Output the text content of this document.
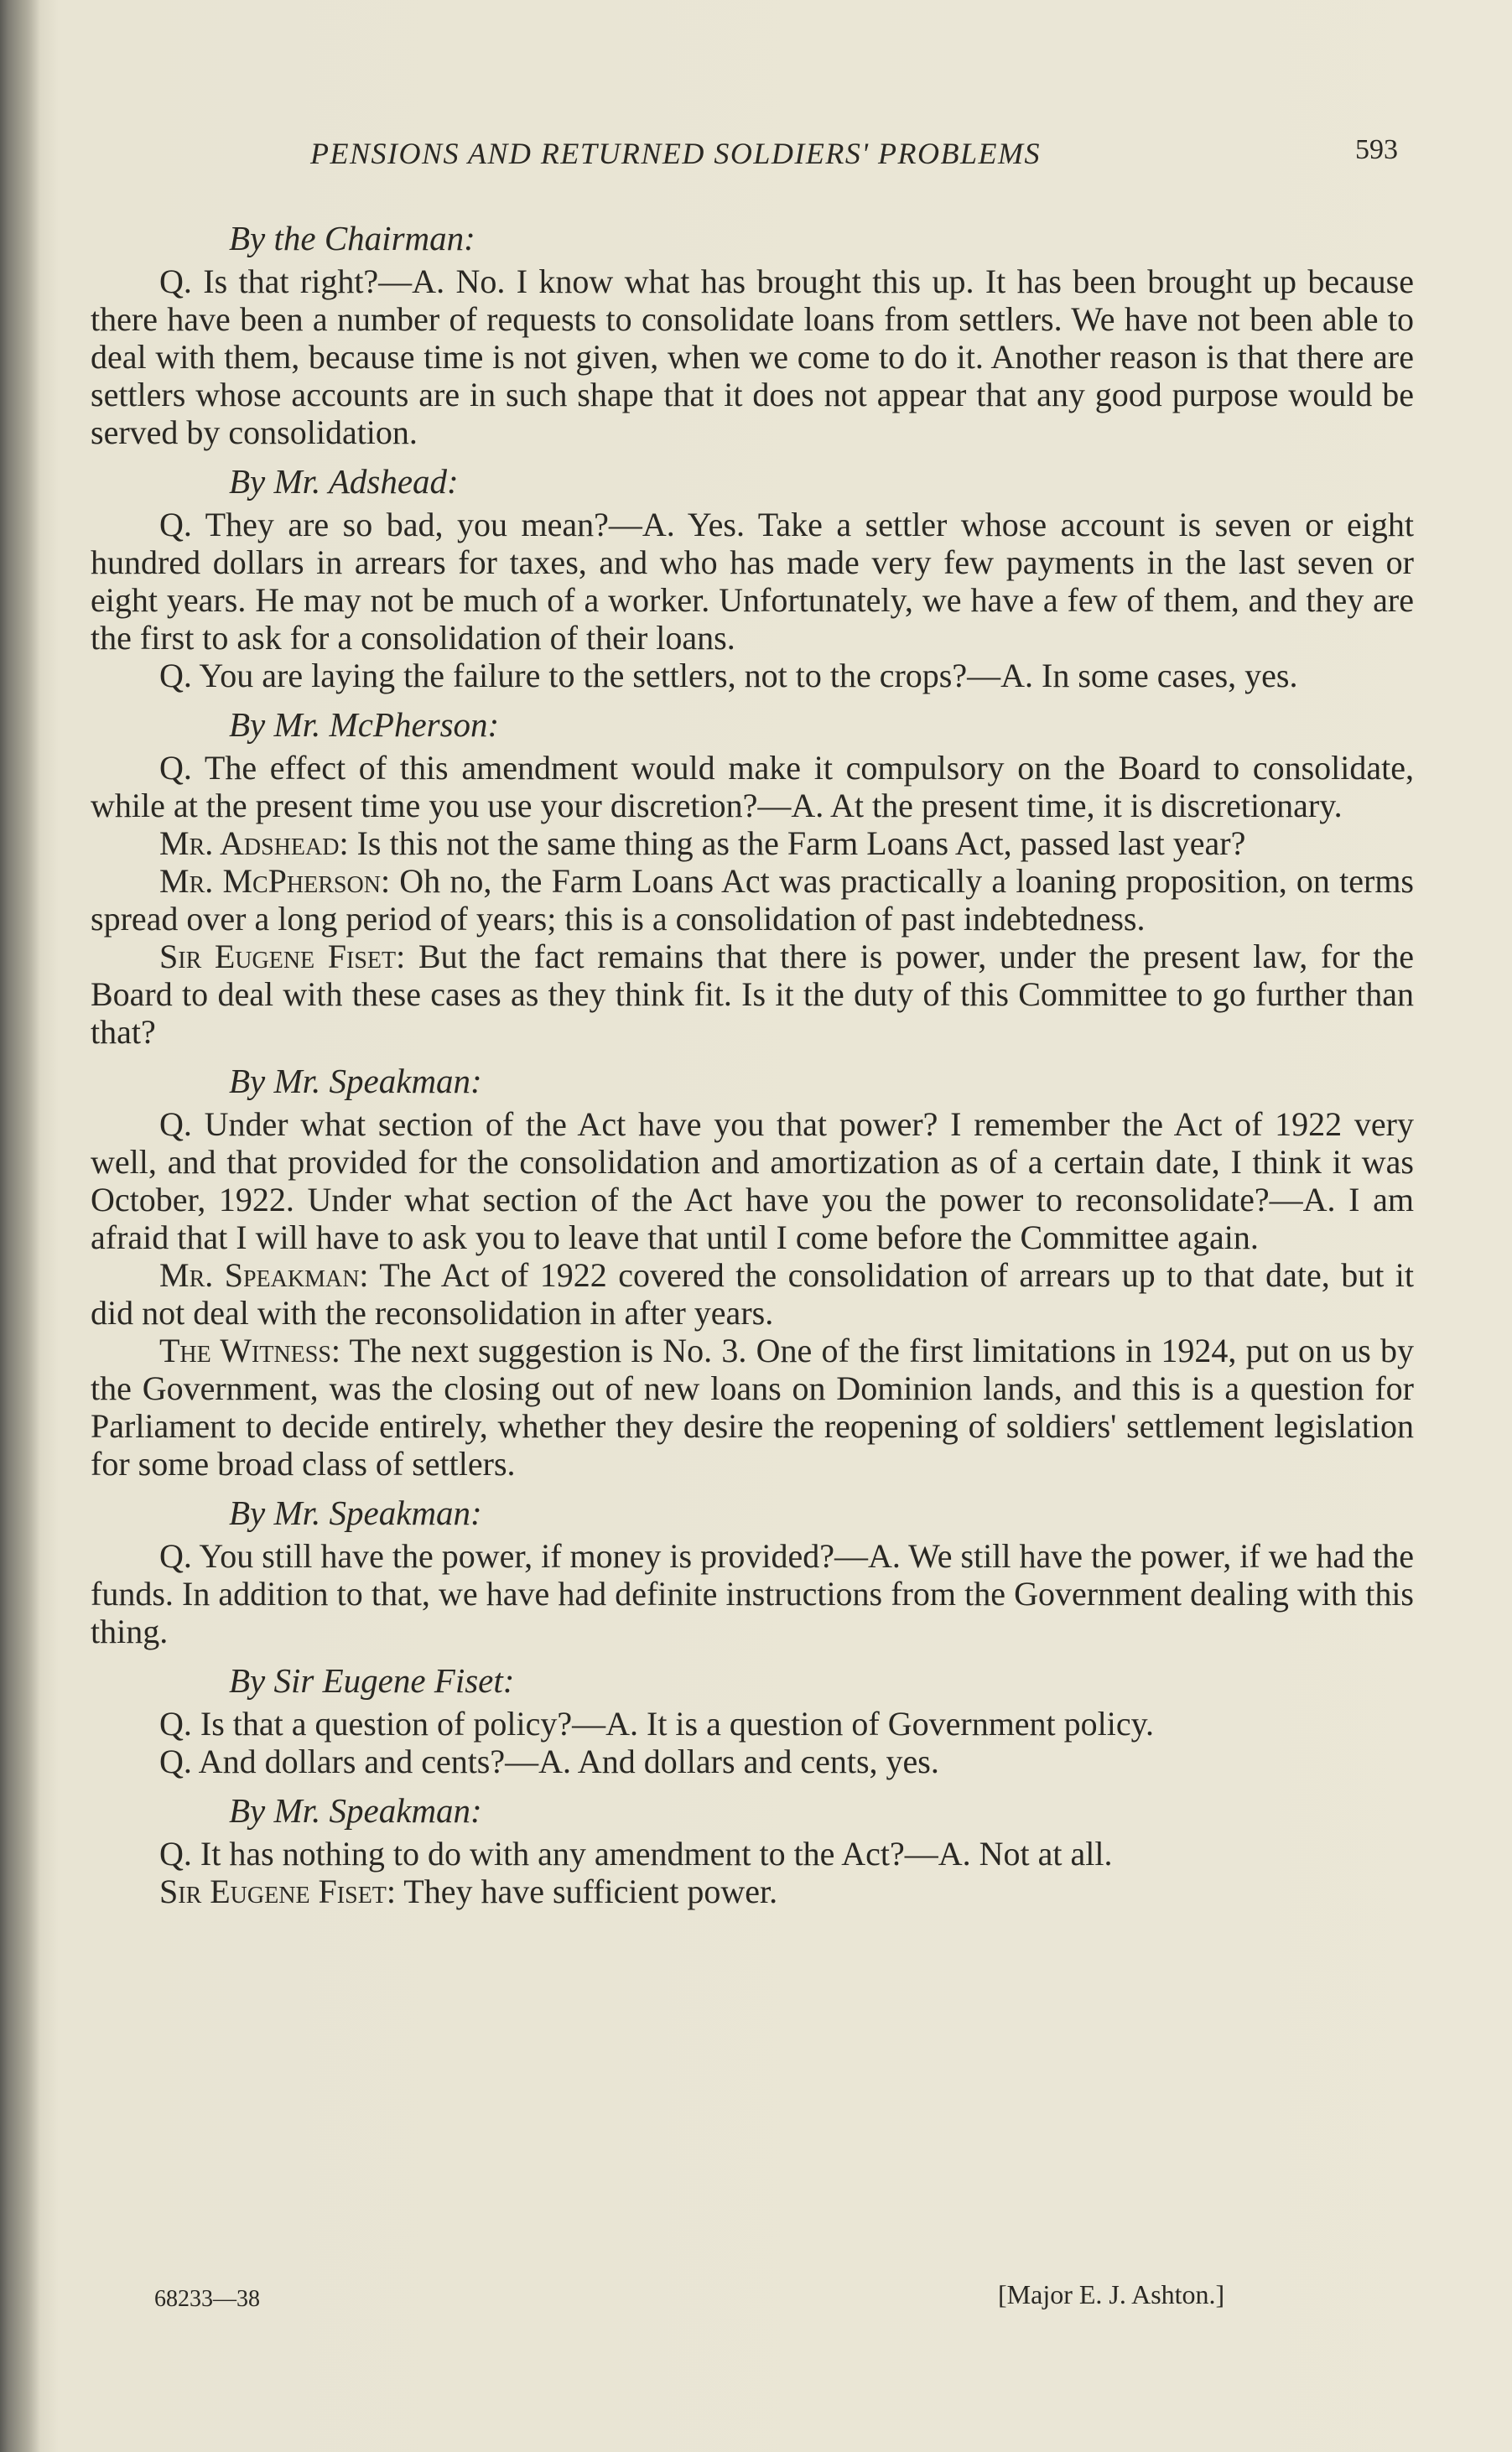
PENSIONS AND RETURNED SOLDIERS' PROBLEMS	593
By the Chairman:

Q. Is that right?—A. No. I know what has brought this up. It has been brought up because there have been a number of requests to consolidate loans from settlers. We have not been able to deal with them, because time is not given, when we come to do it. Another reason is that there are settlers whose accounts are in such shape that it does not appear that any good purpose would be served by consolidation.

By Mr. Adshead:

Q. They are so bad, you mean?—A. Yes. Take a settler whose account is seven or eight hundred dollars in arrears for taxes, and who has made very few payments in the last seven or eight years. He may not be much of a worker. Unfortunately, we have a few of them, and they are the first to ask for a consolidation of their loans.

Q. You are laying the failure to the settlers, not to the crops?—A. In some cases, yes.

By Mr. McPherson:

Q. The effect of this amendment would make it compulsory on the Board to consolidate, while at the present time you use your discretion?—A. At the present time, it is discretionary.

Mr. Adshead: Is this not the same thing as the Farm Loans Act, passed last year?

Mr. McPherson: Oh no, the Farm Loans Act was practically a loaning proposition, on terms spread over a long period of years; this is a consolidation of past indebtedness.

Sir Eugene Fiset: But the fact remains that there is power, under the present law, for the Board to deal with these cases as they think fit. Is it the duty of this Committee to go further than that?

By Mr. Speakman:

Q. Under what section of the Act have you that power? I remember the Act of 1922 very well, and that provided for the consolidation and amortization as of a certain date, I think it was October, 1922. Under what section of the Act have you the power to reconsolidate?—A. I am afraid that I will have to ask you to leave that until I come before the Committee again.

Mr. Speakman: The Act of 1922 covered the consolidation of arrears up to that date, but it did not deal with the reconsolidation in after years.

The Witness: The next suggestion is No. 3. One of the first limitations in 1924, put on us by the Government, was the closing out of new loans on Dominion lands, and this is a question for Parliament to decide entirely, whether they desire the reopening of soldiers' settlement legislation for some broad class of settlers.

By Mr. Speakman:

Q. You still have the power, if money is provided?—A. We still have the power, if we had the funds. In addition to that, we have had definite instructions from the Government dealing with this thing.

By Sir Eugene Fiset:

Q. Is that a question of policy?—A. It is a question of Government policy.

Q. And dollars and cents?—A. And dollars and cents, yes.

By Mr. Speakman:

Q. It has nothing to do with any amendment to the Act?—A. Not at all.

Sir Eugene Fiset: They have sufficient power.

68233—38	[Major E. J. Ashton.]
